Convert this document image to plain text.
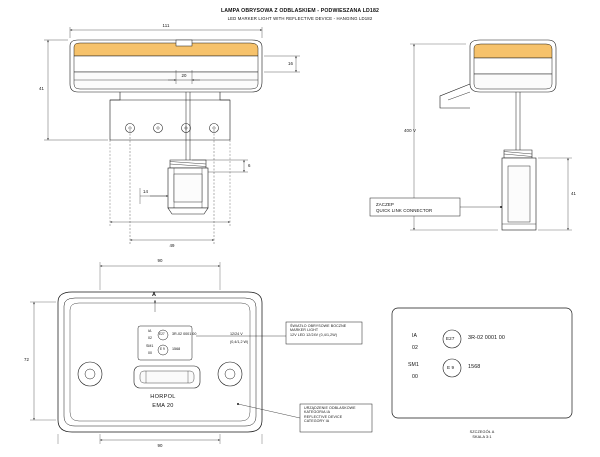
LAMPA OBRYSOWA Z ODBLASKIEM - PODWIESZANA LD182
LED MARKER LIGHT WITH REFLECTIVE DEVICE - HANGING LD182
111
20
16
41
14
6
49
400 V
41
90
90
72
ZACZEP
QUICK LINK CONNECTOR
A
IA
02
SM1
00
E27
E 9
3R-02 0001 00
1568
12/24 V
(0,4/1,2 W)
HORPOL
EMA 20
ŚWIATŁO OBRYSOWE BOCZNE
MARKER LIGHT
12V LED 12/24V (0,4/1,2W)
URZĄDZENIE ODBLASKOWE
KATEGORIA IA
REFLECTIVE DEVICE
CATEGORY IA
IA
02
SM1
00
E27
E 9
3R-02 0001 00
1568
SZCZEGÓŁ A
SKALA 3:1
